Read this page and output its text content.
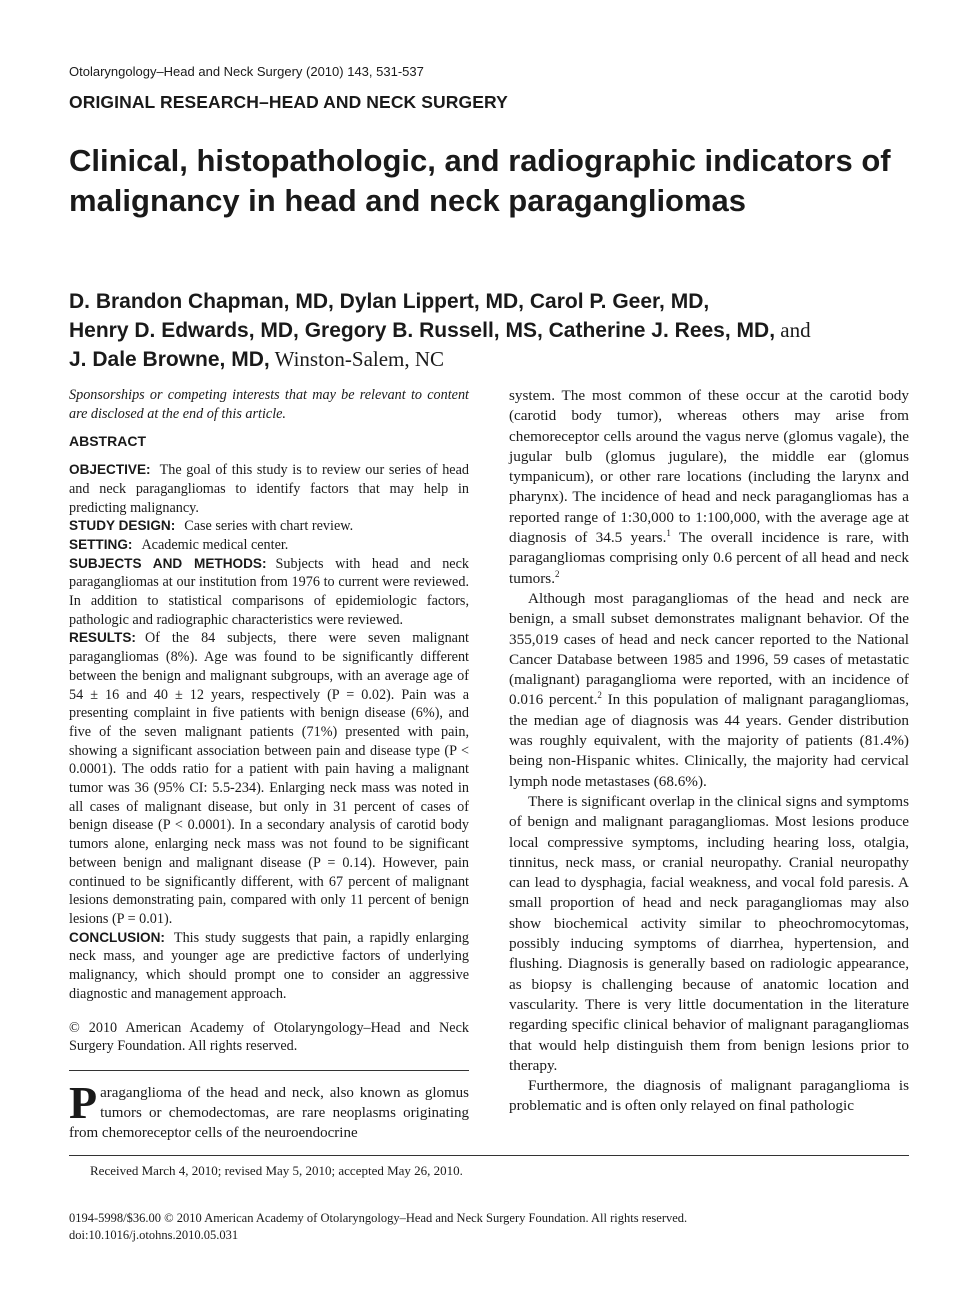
Otolaryngology–Head and Neck Surgery (2010) 143, 531-537
ORIGINAL RESEARCH–HEAD AND NECK SURGERY
Clinical, histopathologic, and radiographic indicators of malignancy in head and neck paragangliomas
D. Brandon Chapman, MD, Dylan Lippert, MD, Carol P. Geer, MD,
Henry D. Edwards, MD, Gregory B. Russell, MS, Catherine J. Rees, MD, and
J. Dale Browne, MD, Winston-Salem, NC

Sponsorships or competing interests that may be relevant to content are disclosed at the end of this article.

ABSTRACT

OBJECTIVE: The goal of this study is to review our series of head and neck paragangliomas to identify factors that may help in predicting malignancy.

STUDY DESIGN: Case series with chart review.

SETTING: Academic medical center.

SUBJECTS AND METHODS: Subjects with head and neck paragangliomas at our institution from 1976 to current were reviewed. In addition to statistical comparisons of epidemiologic factors, pathologic and radiographic characteristics were reviewed.

RESULTS: Of the 84 subjects, there were seven malignant paragangliomas (8%). Age was found to be significantly different between the benign and malignant subgroups, with an average age of 54 ± 16 and 40 ± 12 years, respectively (P = 0.02). Pain was a presenting complaint in five patients with benign disease (6%), and five of the seven malignant patients (71%) presented with pain, showing a significant association between pain and disease type (P < 0.0001). The odds ratio for a patient with pain having a malignant tumor was 36 (95% CI: 5.5-234). Enlarging neck mass was noted in all cases of malignant disease, but only in 31 percent of cases of benign disease (P < 0.0001). In a secondary analysis of carotid body tumors alone, enlarging neck mass was not found to be significant between benign and malignant disease (P = 0.14). However, pain continued to be significantly different, with 67 percent of malignant lesions demonstrating pain, compared with only 11 percent of benign lesions (P = 0.01).

CONCLUSION: This study suggests that pain, a rapidly enlarging neck mass, and younger age are predictive factors of underlying malignancy, which should prompt one to consider an aggressive diagnostic and management approach.

© 2010 American Academy of Otolaryngology–Head and Neck Surgery Foundation. All rights reserved.

Paraganglioma of the head and neck, also known as glomus tumors or chemodectomas, are rare neoplasms originating from chemoreceptor cells of the neuroendocrine

system. The most common of these occur at the carotid body (carotid body tumor), whereas others may arise from chemoreceptor cells around the vagus nerve (glomus vagale), the jugular bulb (glomus jugulare), the middle ear (glomus tympanicum), or other rare locations (including the larynx and pharynx). The incidence of head and neck paragangliomas has a reported range of 1:30,000 to 1:100,000, with the average age at diagnosis of 34.5 years.$^1$ The overall incidence is rare, with paragangliomas comprising only 0.6 percent of all head and neck tumors.$^2$

Although most paragangliomas of the head and neck are benign, a small subset demonstrates malignant behavior. Of the 355,019 cases of head and neck cancer reported to the National Cancer Database between 1985 and 1996, 59 cases of metastatic (malignant) paraganglioma were reported, with an incidence of 0.016 percent.$^2$ In this population of malignant paragangliomas, the median age of diagnosis was 44 years. Gender distribution was roughly equivalent, with the majority of patients (81.4%) being non-Hispanic whites. Clinically, the majority had cervical lymph node metastases (68.6%).

There is significant overlap in the clinical signs and symptoms of benign and malignant paragangliomas. Most lesions produce local compressive symptoms, including hearing loss, otalgia, tinnitus, neck mass, or cranial neuropathy. Cranial neuropathy can lead to dysphagia, facial weakness, and vocal fold paresis. A small proportion of head and neck paragangliomas may also show biochemical activity similar to pheochromocytomas, possibly inducing symptoms of diarrhea, hypertension, and flushing. Diagnosis is generally based on radiologic appearance, as biopsy is challenging because of anatomic location and vascularity. There is very little documentation in the literature regarding specific clinical behavior of malignant paragangliomas that would help distinguish them from benign lesions prior to therapy.

Furthermore, the diagnosis of malignant paraganglioma is problematic and is often only relayed on final pathologic

Received March 4, 2010; revised May 5, 2010; accepted May 26, 2010.
0194-5998/$36.00 © 2010 American Academy of Otolaryngology–Head and Neck Surgery Foundation. All rights reserved.
doi:10.1016/j.otohns.2010.05.031
